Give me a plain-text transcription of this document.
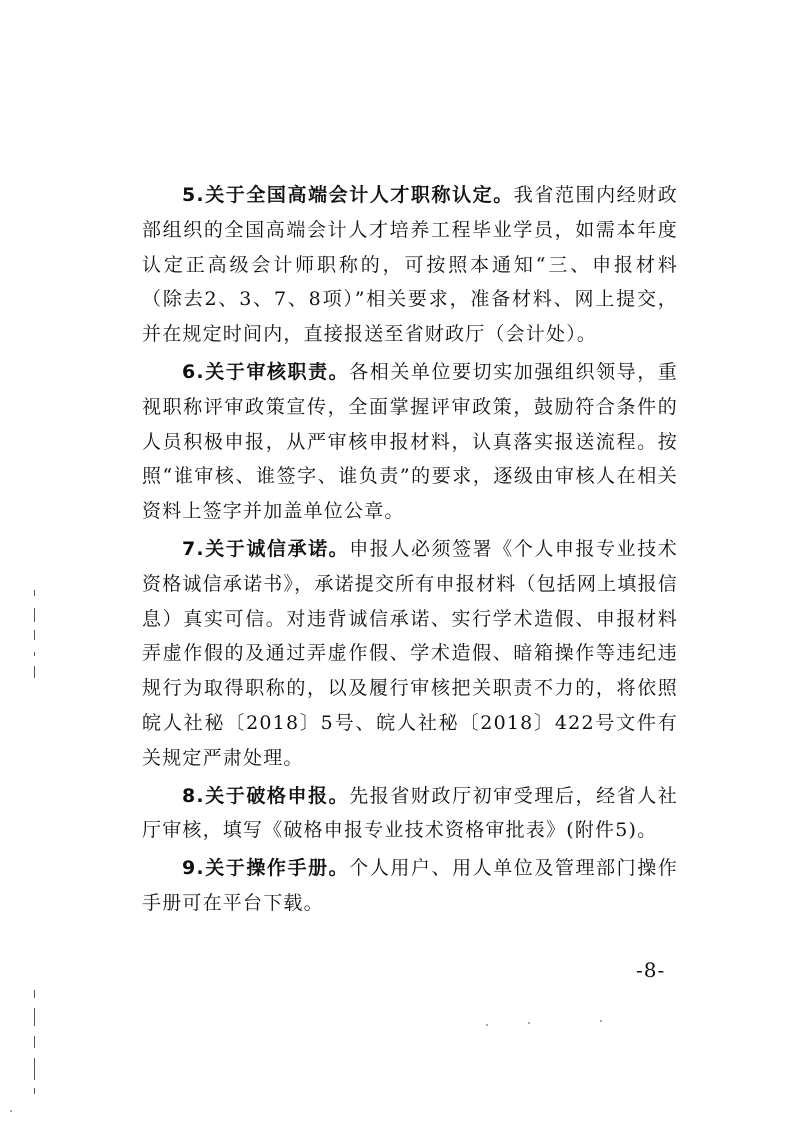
5.关于全国高端会计人才职称认定。我省范围内经财政部组织的全国高端会计人才培养工程毕业学员，如需本年度认定正高级会计师职称的，可按照本通知“三、申报材料（除去2、3、7、8项）”相关要求，准备材料、网上提交，并在规定时间内，直接报送至省财政厅（会计处）。

6.关于审核职责。各相关单位要切实加强组织领导，重视职称评审政策宣传，全面掌握评审政策，鼓励符合条件的人员积极申报，从严审核申报材料，认真落实报送流程。按照“谁审核、谁签字、谁负责”的要求，逐级由审核人在相关资料上签字并加盖单位公章。

7.关于诚信承诺。申报人必须签署《个人申报专业技术资格诚信承诺书》，承诺提交所有申报材料（包括网上填报信息）真实可信。对违背诚信承诺、实行学术造假、申报材料弄虚作假的及通过弄虚作假、学术造假、暗箱操作等违纪违规行为取得职称的，以及履行审核把关职责不力的，将依照皖人社秘〔2018〕5号、皖人社秘〔2018〕422号文件有关规定严肃处理。

8.关于破格申报。先报省财政厅初审受理后，经省人社厅审核，填写《破格申报专业技术资格审批表》(附件5)。

9.关于操作手册。个人用户、用人单位及管理部门操作手册可在平台下载。

-8-
